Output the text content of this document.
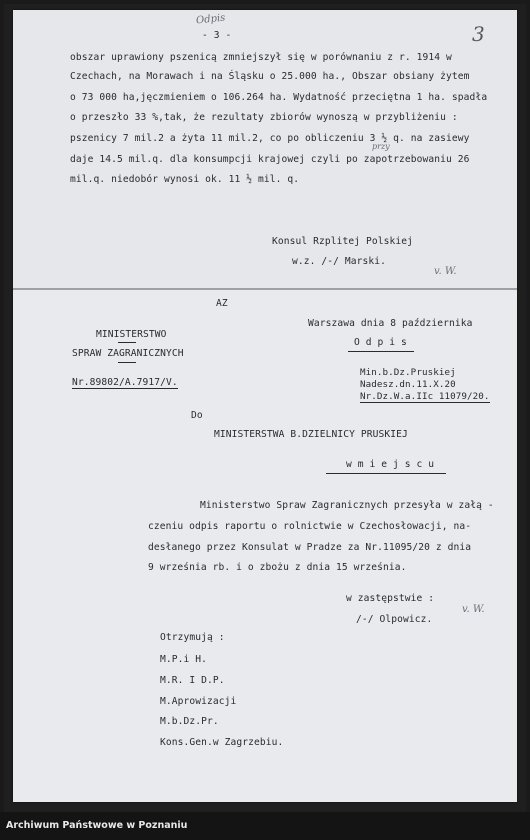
Odpis
- 3 -	3
obszar uprawiony pszenicą zmniejszył się w porównaniu z r. 1914 w
Czechach, na Morawach i na Śląsku o 25.000 ha., Obszar obsiany żytem
o 73 000 ha,jęczmieniem o 106.264 ha. Wydatność przeciętna 1 ha. spadła
o przeszło 33 %,tak, że rezultaty zbiorów wynoszą w przybliżeniu :
pszenicy 7 mil.2 a żyta 11 mil.2, co po obliczeniu 3 ½ q. na zasiewy
przy
daje 14.5 mil.q. dla konsumpcji krajowej czyli po zapotrzebowaniu 26
mil.q. niedobór wynosi ok. 11 ½ mil. q.
Konsul Rzplitej Polskiej
w.z. /-/ Marski.
v. W.
AZ
MINISTERSTWO
SPRAW ZAGRANICZNYCH
Nr.89802/A.7917/V.
Warszawa dnia 8 października
O d p i s
Min.b.Dz.Pruskiej
Nadesz.dn.11.X.20
Nr.Dz.W.a.IIc 11079/20.
Do
MINISTERSTWA B.DZIELNICY PRUSKIEJ
w m i e j s c u
Ministerstwo Spraw Zagranicznych przesyła w załą -
czeniu odpis raportu o rolnictwie w Czechosłowacji, na-
desłanego przez Konsulat w Pradze za Nr.11095/20 z dnia
9 września rb. i o zbożu z dnia 15 września.
w zastępstwie :
/-/ Olpowicz.
v. W.
Otrzymują :
M.P.i H.
M.R. I D.P.
M.Aprowizacji
M.b.Dz.Pr.
Kons.Gen.w Zagrzebiu.
Archiwum Państwowe w Poznaniu
